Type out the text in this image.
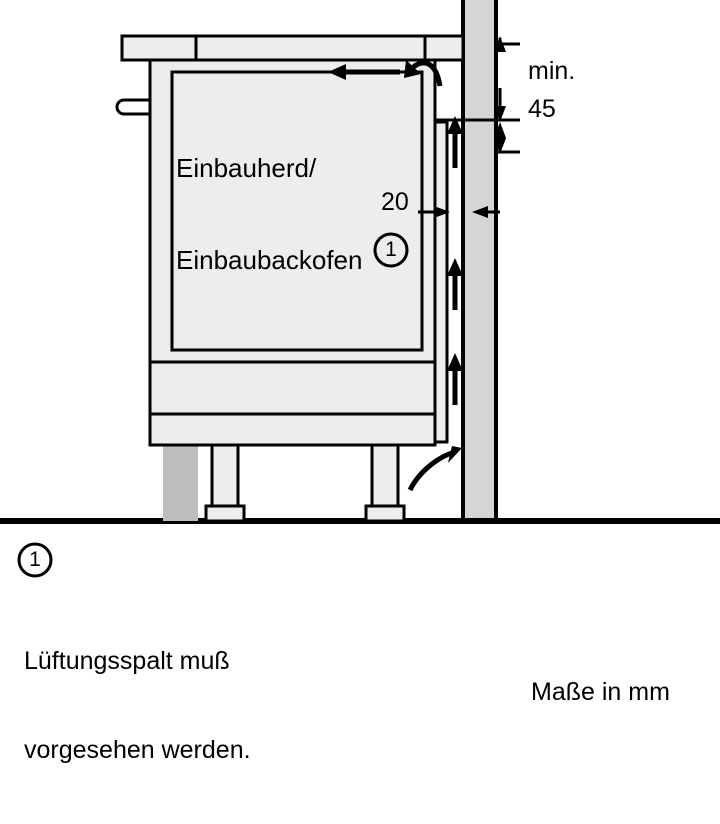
Einbauherd/

Einbaubackofen

min.
45
20
1
1

Lüftungsspalt muß

vorgesehen werden.

Maße in mm
